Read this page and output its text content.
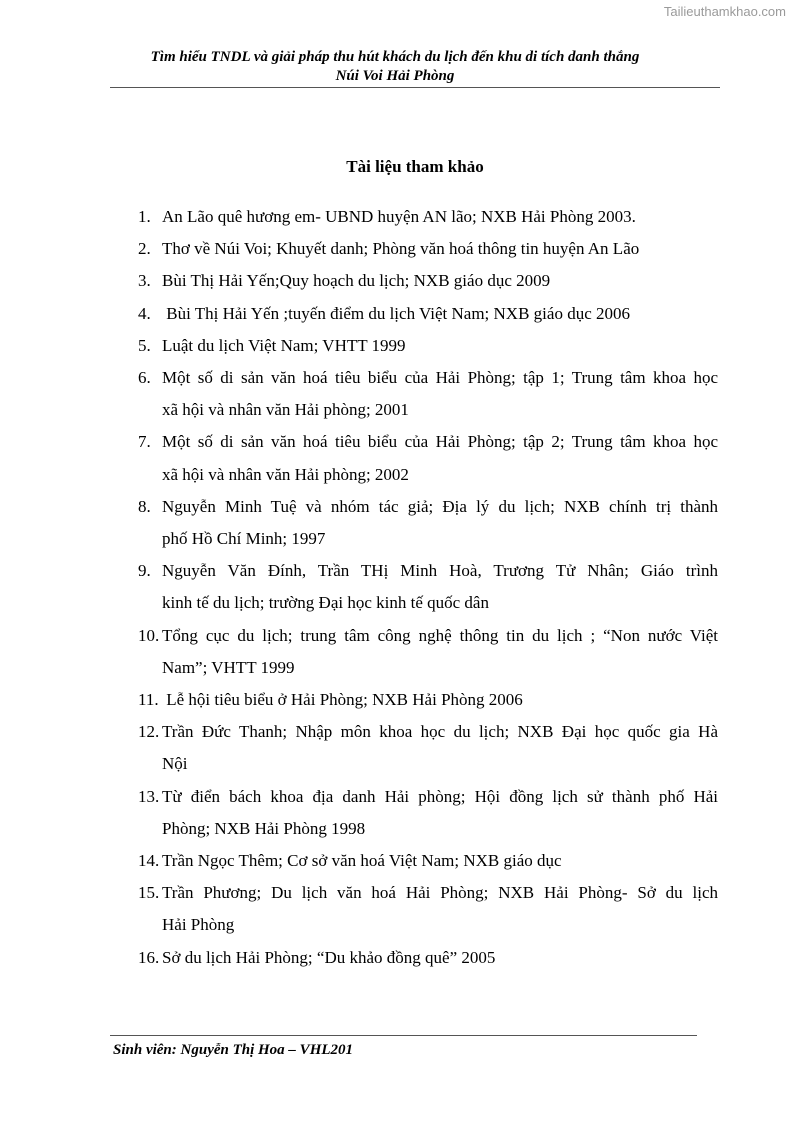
Tailieuthamkhao.com
Tìm hiểu TNDL và giải pháp thu hút khách du lịch đến khu di tích danh thắng
Núi Voi Hải Phòng
Tài liệu tham khảo
1. An Lão quê hương em- UBND huyện AN lão; NXB Hải Phòng 2003.
2. Thơ về Núi Voi; Khuyết danh; Phòng văn hoá thông tin huyện An Lão
3. Bùi Thị Hải Yến;Quy hoạch du lịch; NXB giáo dục 2009
4. Bùi Thị Hải Yến ;tuyến điểm du lịch Việt Nam; NXB giáo dục 2006
5. Luật du lịch Việt Nam; VHTT 1999
6. Một số di sản văn hoá tiêu biểu của Hải Phòng; tập 1; Trung tâm khoa học
xã hội và nhân văn Hải phòng; 2001
7. Một số di sản văn hoá tiêu biểu của Hải Phòng; tập 2; Trung tâm khoa học
xã hội và nhân văn Hải phòng; 2002
8. Nguyễn Minh Tuệ và nhóm tác giả; Địa lý du lịch; NXB chính trị thành
phố Hồ Chí Minh; 1997
9. Nguyễn Văn Đính, Trần THị Minh Hoà, Trương Tử Nhân; Giáo trình
kinh tế du lịch; trường Đại học kinh tế quốc dân
10. Tổng cục du lịch; trung tâm công nghệ thông tin du lịch ; “Non nước Việt
Nam”; VHTT 1999
11. Lễ hội tiêu biểu ở Hải Phòng; NXB Hải Phòng 2006
12. Trần Đức Thanh; Nhập môn khoa học du lịch; NXB Đại học quốc gia Hà
Nội
13. Từ điển bách khoa địa danh Hải phòng; Hội đồng lịch sử thành phố Hải
Phòng; NXB Hải Phòng 1998
14. Trần Ngọc Thêm; Cơ sở văn hoá Việt Nam; NXB giáo dục
15. Trần Phương; Du lịch văn hoá Hải Phòng; NXB Hải Phòng- Sở du lịch
Hải Phòng
16. Sở du lịch Hải Phòng; “Du khảo đồng quê” 2005
Sinh viên: Nguyễn Thị Hoa – VHL201
